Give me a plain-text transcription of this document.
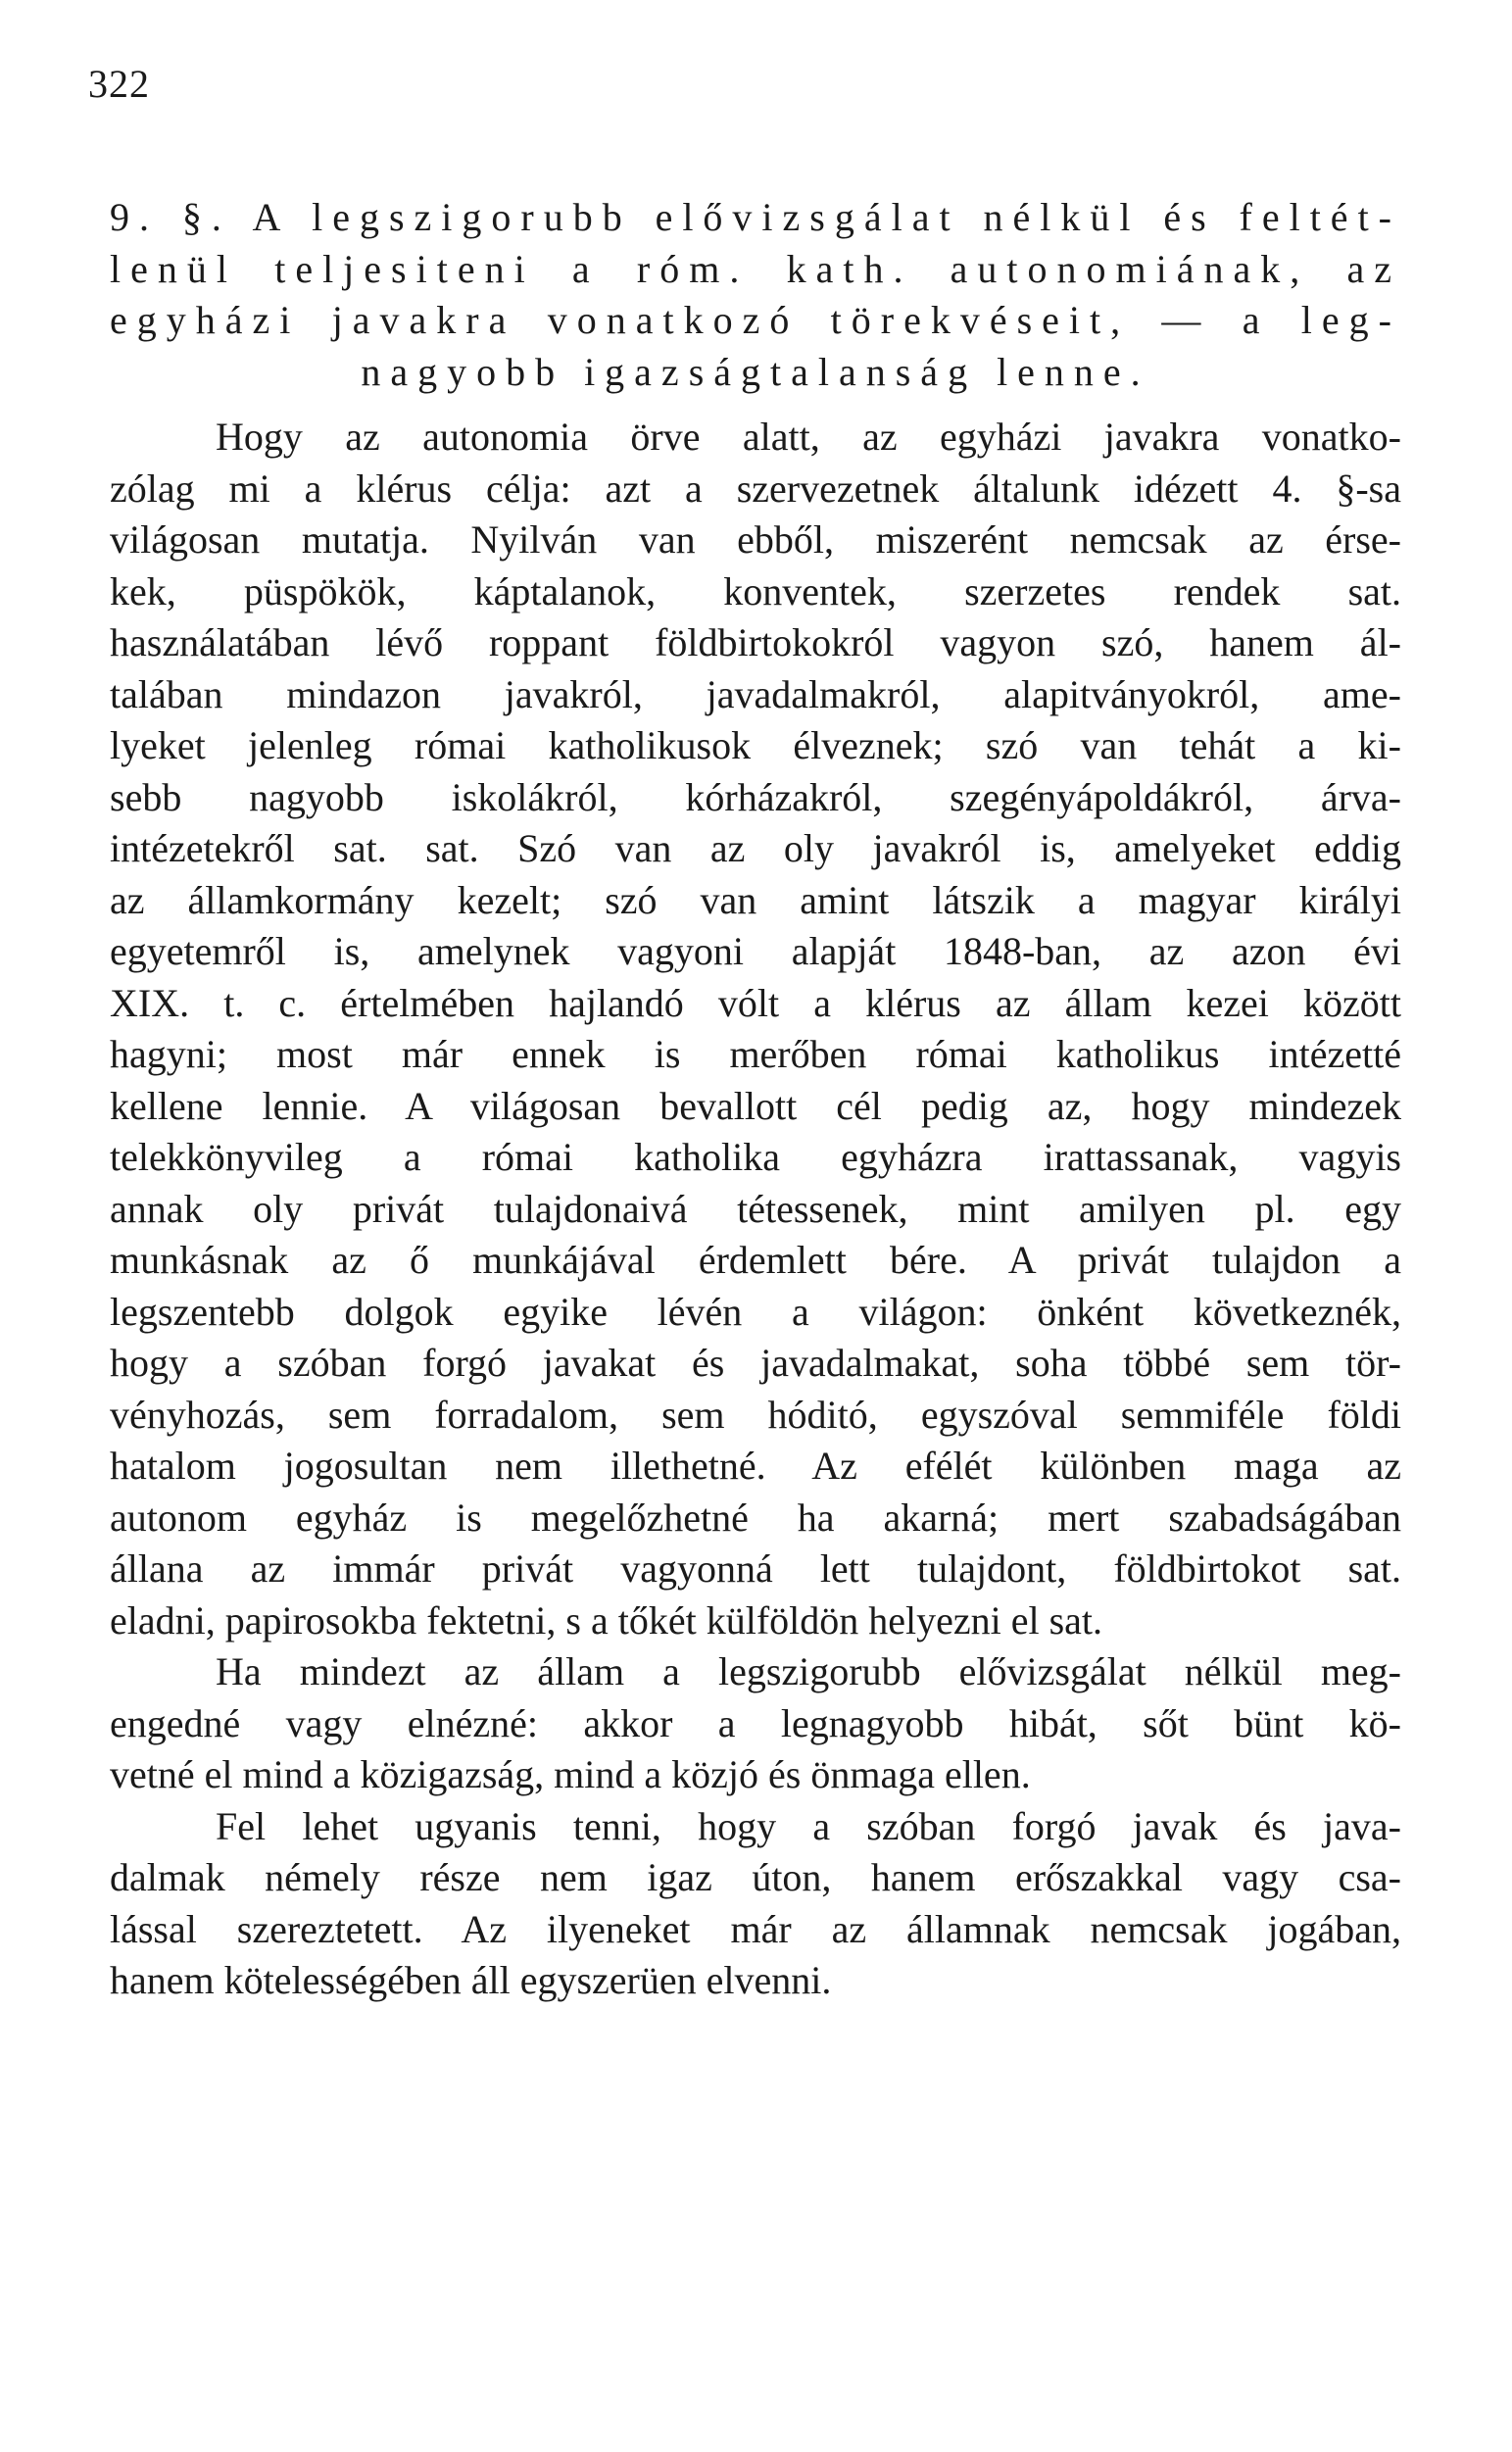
322

9. §. A legszigorubb elővizsgálat nélkül és feltét-
lenül teljesiteni a róm. kath. autonomiának, az
egyházi javakra vonatkozó törekvéseit, — a leg-
nagyobb igazságtalanság lenne.
Hogy az autonomia örve alatt, az egyházi javakra vonatko-
zólag mi a klérus célja: azt a szervezetnek általunk idézett 4. §-sa
világosan mutatja. Nyilván van ebből, miszerént nemcsak az érse-
kek, püspökök, káptalanok, konventek, szerzetes rendek sat.
használatában lévő roppant földbirtokokról vagyon szó, hanem ál-
talában mindazon javakról, javadalmakról, alapitványokról, ame-
lyeket jelenleg római katholikusok élveznek; szó van tehát a ki-
sebb nagyobb iskolákról, kórházakról, szegényápoldákról, árva-
intézetekről sat. sat. Szó van az oly javakról is, amelyeket eddig
az államkormány kezelt; szó van amint látszik a magyar királyi
egyetemről is, amelynek vagyoni alapját 1848-ban, az azon évi
XIX. t. c. értelmében hajlandó vólt a klérus az állam kezei között
hagyni; most már ennek is merőben római katholikus intézetté
kellene lennie. A világosan bevallott cél pedig az, hogy mindezek
telekkönyvileg a római katholika egyházra irattassanak, vagyis
annak oly privát tulajdonaivá tétessenek, mint amilyen pl. egy
munkásnak az ő munkájával érdemlett bére. A privát tulajdon a
legszentebb dolgok egyike lévén a világon: önként következnék,
hogy a szóban forgó javakat és javadalmakat, soha többé sem tör-
vényhozás, sem forradalom, sem hóditó, egyszóval semmiféle földi
hatalom jogosultan nem illethetné. Az efélét különben maga az
autonom egyház is megelőzhetné ha akarná; mert szabadságában
állana az immár privát vagyonná lett tulajdont, földbirtokot sat.
eladni, papirosokba fektetni, s a tőkét külföldön helyezni el sat.
Ha mindezt az állam a legszigorubb elővizsgálat nélkül meg-
engedné vagy elnézné: akkor a legnagyobb hibát, sőt bünt kö-
vetné el mind a közigazság, mind a közjó és önmaga ellen.
Fel lehet ugyanis tenni, hogy a szóban forgó javak és java-
dalmak némely része nem igaz úton, hanem erőszakkal vagy csa-
lással szereztetett. Az ilyeneket már az államnak nemcsak jogában,
hanem kötelességében áll egyszerüen elvenni.
